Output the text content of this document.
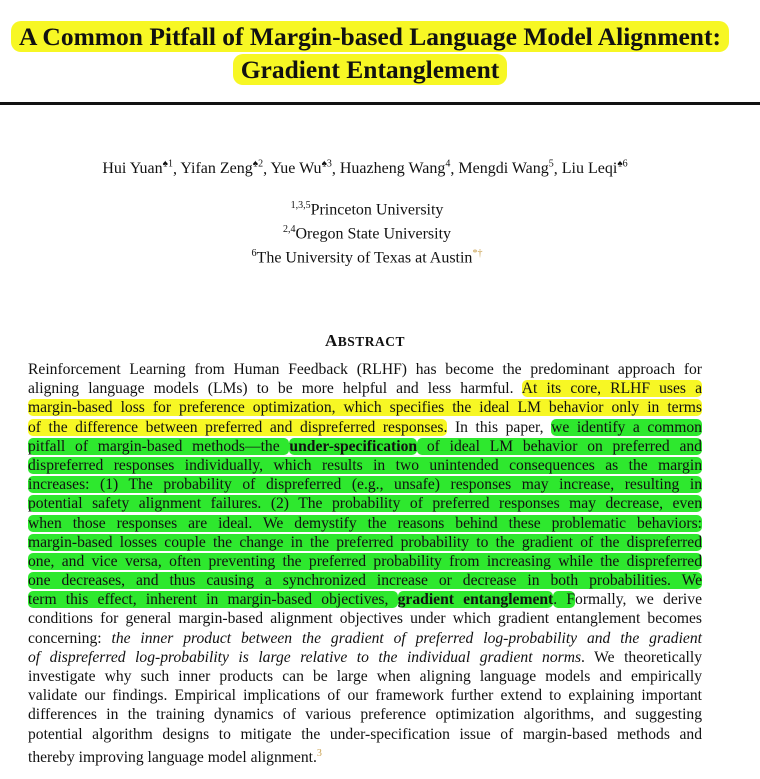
A Common Pitfall of Margin-based Language Model Alignment:
Gradient Entanglement
Hui Yuan$^{♠1}$, Yifan Zeng$^{♠2}$, Yue $Wu^{♠3}$, Huazheng Wang$^4$, Mengdi Wang$^5$, Liu Leqi$^{♠6}$
$^{1,3,5}$Princeton University
$^{2,4}$Oregon State University
$^6$The University of Texas at Austin*†
ABSTRACT
Reinforcement Learning from Human Feedback (RLHF) has become the predominant approach for
aligning language models (LMs) to be more helpful and less harmful. At its core, RLHF uses a
margin-based loss for preference optimization, which specifies the ideal LM behavior only in terms
of the difference between preferred and dispreferred responses. In this paper, we identify a common
pitfall of margin-based methods—the under-specification of ideal LM behavior on preferred and
dispreferred responses individually, which results in two unintended consequences as the margin
increases: (1) The probability of dispreferred (e.g., unsafe) responses may increase, resulting in
potential safety alignment failures. (2) The probability of preferred responses may decrease, even
when those responses are ideal. We demystify the reasons behind these problematic behaviors:
margin-based losses couple the change in the preferred probability to the gradient of the dispreferred
one, and vice versa, often preventing the preferred probability from increasing while the dispreferred
one decreases, and thus causing a synchronized increase or decrease in both probabilities. We
term this effect, inherent in margin-based objectives, gradient entanglement. Formally, we derive
conditions for general margin-based alignment objectives under which gradient entanglement becomes
concerning: the inner product between the gradient of preferred log-probability and the gradient
of dispreferred log-probability is large relative to the individual gradient norms. We theoretically
investigate why such inner products can be large when aligning language models and empirically
validate our findings. Empirical implications of our framework further extend to explaining important
differences in the training dynamics of various preference optimization algorithms, and suggesting
potential algorithm designs to mitigate the under-specification issue of margin-based methods and
thereby improving language model alignment.$^3$
